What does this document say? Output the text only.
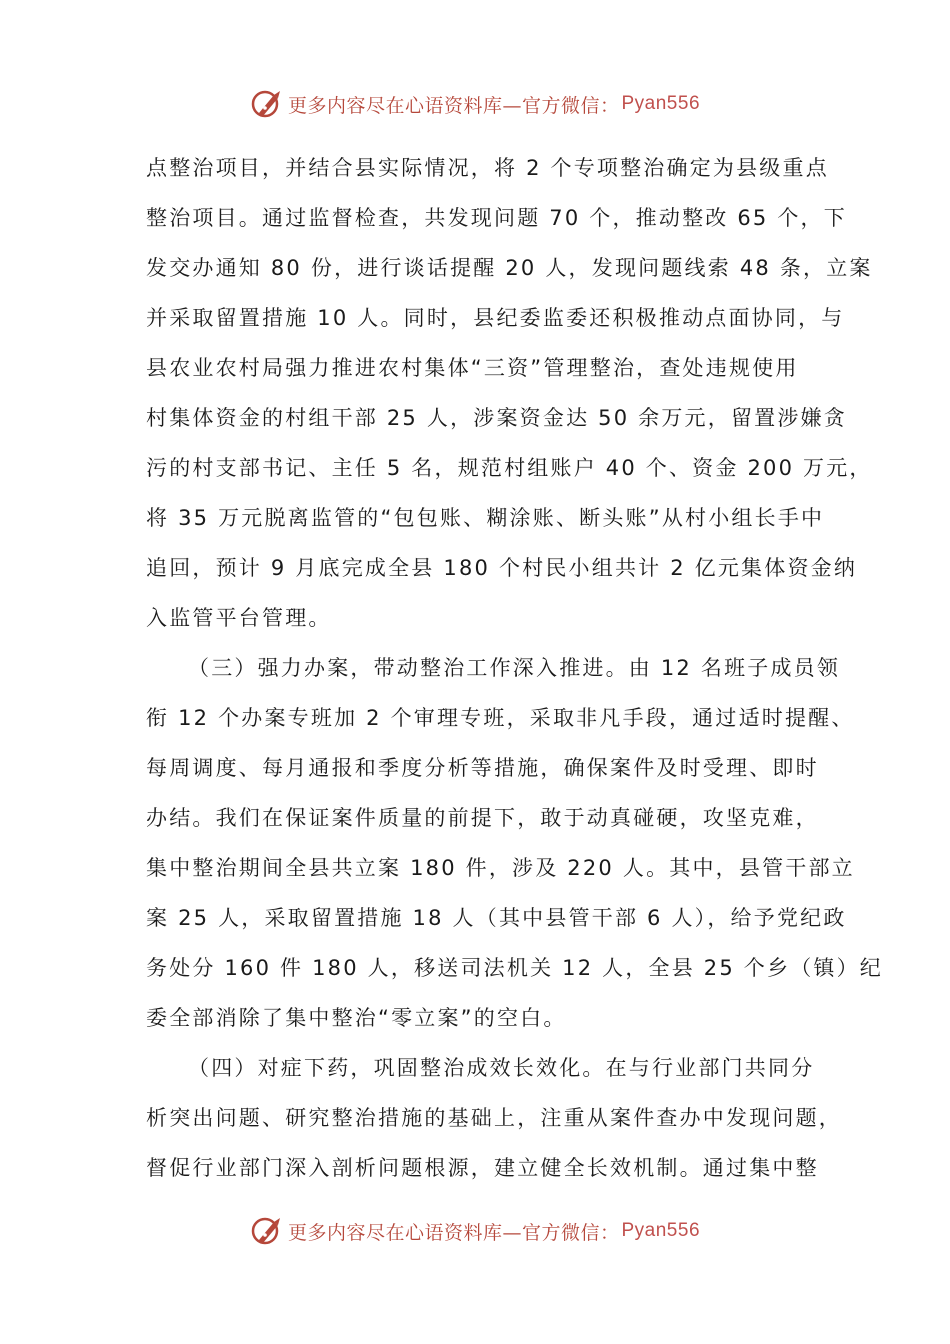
更多内容尽在心语资料库—官方微信： Pyan556

点整治项目，并结合县实际情况，将 2 个专项整治确定为县级重点

整治项目。通过监督检查，共发现问题 70 个，推动整改 65 个，下

发交办通知 80 份，进行谈话提醒 20 人，发现问题线索 48 条，立案

并采取留置措施 10 人。同时，县纪委监委还积极推动点面协同，与

县农业农村局强力推进农村集体“三资”管理整治，查处违规使用

村集体资金的村组干部 25 人，涉案资金达 50 余万元，留置涉嫌贪

污的村支部书记、主任 5 名，规范村组账户 40 个、资金 200 万元，

将 35 万元脱离监管的“包包账、糊涂账、断头账”从村小组长手中

追回，预计 9 月底完成全县 180 个村民小组共计 2 亿元集体资金纳

入监管平台管理。

（三）强力办案，带动整治工作深入推进。由 12 名班子成员领

衔 12 个办案专班加 2 个审理专班，采取非凡手段，通过适时提醒、

每周调度、每月通报和季度分析等措施，确保案件及时受理、即时

办结。我们在保证案件质量的前提下，敢于动真碰硬，攻坚克难，

集中整治期间全县共立案 180 件，涉及 220 人。其中，县管干部立

案 25 人，采取留置措施 18 人（其中县管干部 6 人），给予党纪政

务处分 160 件 180 人，移送司法机关 12 人，全县 25 个乡（镇）纪

委全部消除了集中整治“零立案”的空白。

（四）对症下药，巩固整治成效长效化。在与行业部门共同分

析突出问题、研究整治措施的基础上，注重从案件查办中发现问题，

督促行业部门深入剖析问题根源，建立健全长效机制。通过集中整

更多内容尽在心语资料库—官方微信： Pyan556
